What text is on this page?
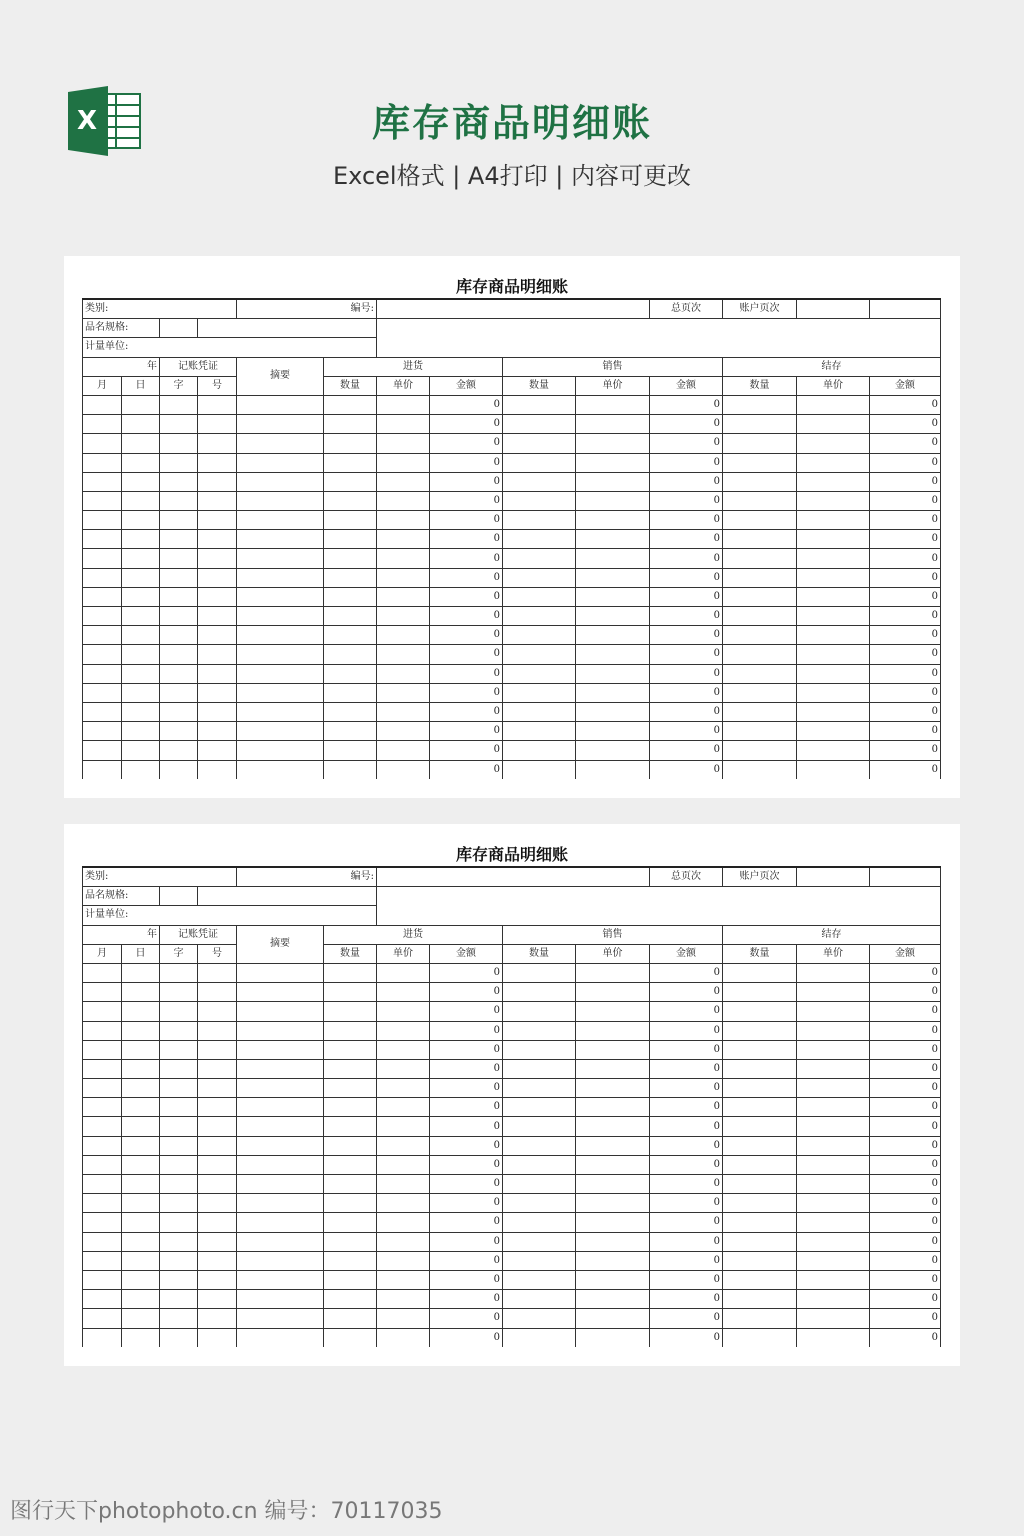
X	库存商品明细账
Excel格式 | A4打印 | 内容可更改
库存商品明细账
类别:				编号:						总页次	账户页次		
品名规格:													
计量单位:													
年		记账凭证		摘要	进货			销售			结存		
月	日	字	号		数量	单价	金额	数量	单价	金额	数量	单价	金额
							0			0			0
							0			0			0
							0			0			0
							0			0			0
							0			0			0
							0			0			0
							0			0			0
							0			0			0
							0			0			0
							0			0			0
							0			0			0
							0			0			0
							0			0			0
							0			0			0
							0			0			0
							0			0			0
							0			0			0
							0			0			0
							0			0			0
							0			0			0
库存商品明细账
类别:				编号:						总页次	账户页次		
品名规格:													
计量单位:													
年		记账凭证		摘要	进货			销售			结存		
月	日	字	号		数量	单价	金额	数量	单价	金额	数量	单价	金额
							0			0			0
							0			0			0
							0			0			0
							0			0			0
							0			0			0
							0			0			0
							0			0			0
							0			0			0
							0			0			0
							0			0			0
							0			0			0
							0			0			0
							0			0			0
							0			0			0
							0			0			0
							0			0			0
							0			0			0
							0			0			0
							0			0			0
							0			0			0
图行天下photophoto.cn 编号：70117035
